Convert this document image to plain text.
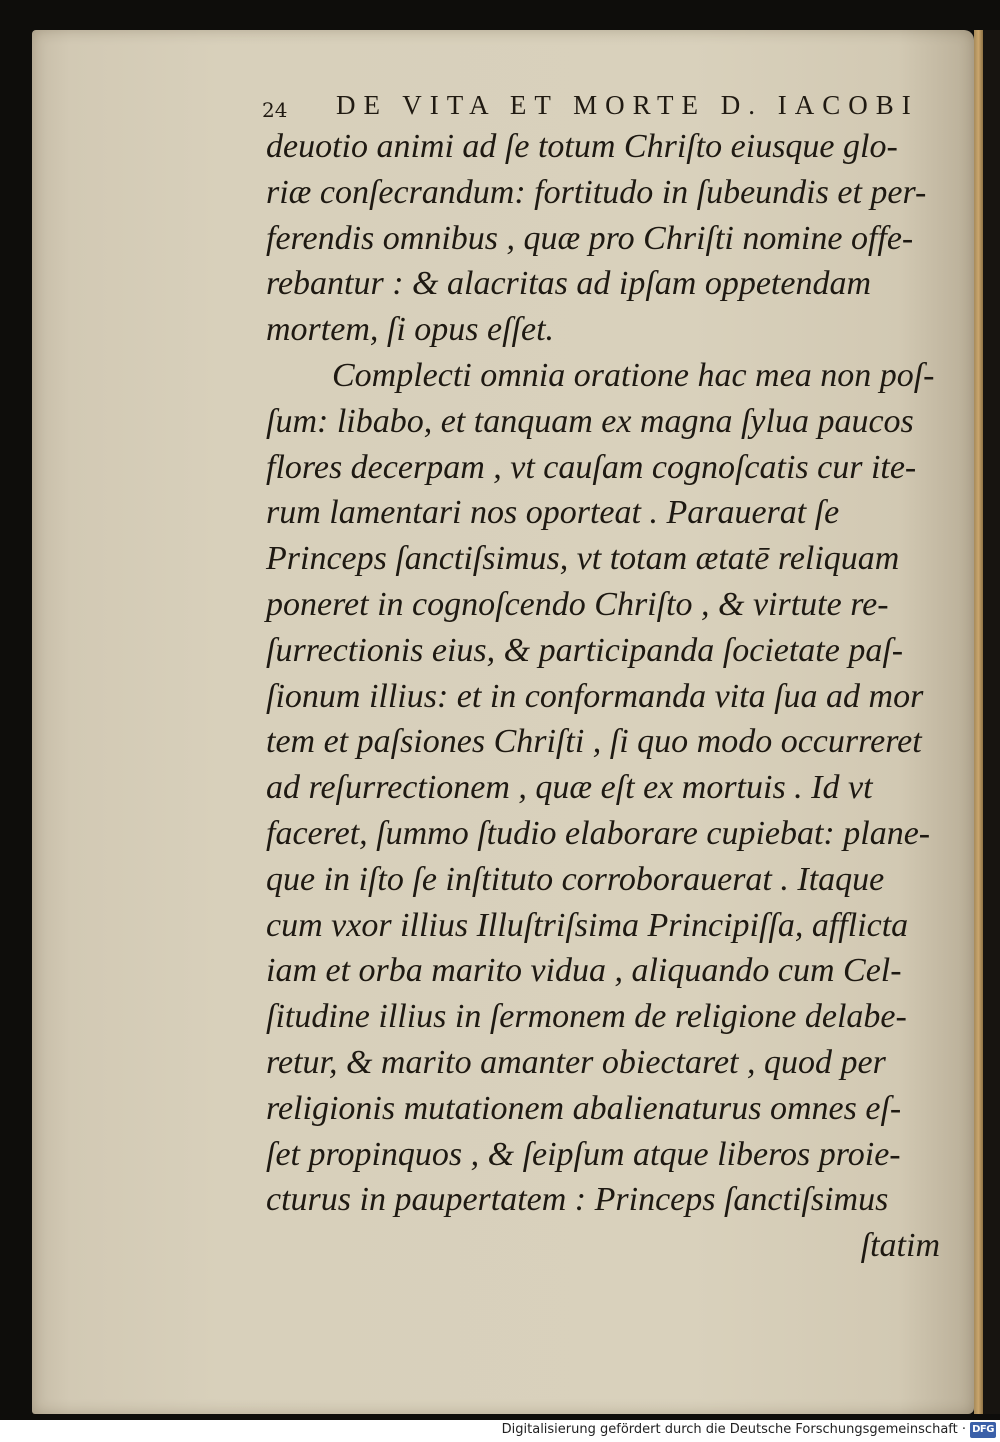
24 DE VITA ET MORTE D. IACOBI
deuotio animi ad ſe totum Chriſto eiusque glo-
riæ conſecrandum: fortitudo in ſubeundis et per-
ferendis omnibus , quæ pro Chriſti nomine offe-
rebantur : & alacritas ad ipſam oppetendam
mortem, ſi opus eſſet.
Complecti omnia oratione hac mea non poſ-
ſum: libabo, et tanquam ex magna ſylua paucos
flores decerpam , vt cauſam cognoſcatis cur ite-
rum lamentari nos oporteat . Parauerat ſe
Princeps ſanctiſsimus, vt totam ætatē reliquam
poneret in cognoſcendo Chriſto , & virtute re-
ſurrectionis eius, & participanda ſocietate paſ-
ſionum illius: et in conformanda vita ſua ad mor
tem et paſsiones Chriſti , ſi quo modo occurreret
ad reſurrectionem , quæ eſt ex mortuis . Id vt
faceret, ſummo ſtudio elaborare cupiebat: plane-
que in iſto ſe inſtituto corroborauerat . Itaque
cum vxor illius Illuſtriſsima Principiſſa, afflicta
iam et orba marito vidua , aliquando cum Cel-
ſitudine illius in ſermonem de religione delabe-
retur, & marito amanter obiectaret , quod per
religionis mutationem abalienaturus omnes eſ-
ſet propinquos , & ſeipſum atque liberos proie-
cturus in paupertatem : Princeps ſanctiſsimus
ſtatim
Digitalisierung gefördert durch die Deutsche Forschungsgemeinschaft · DFG
